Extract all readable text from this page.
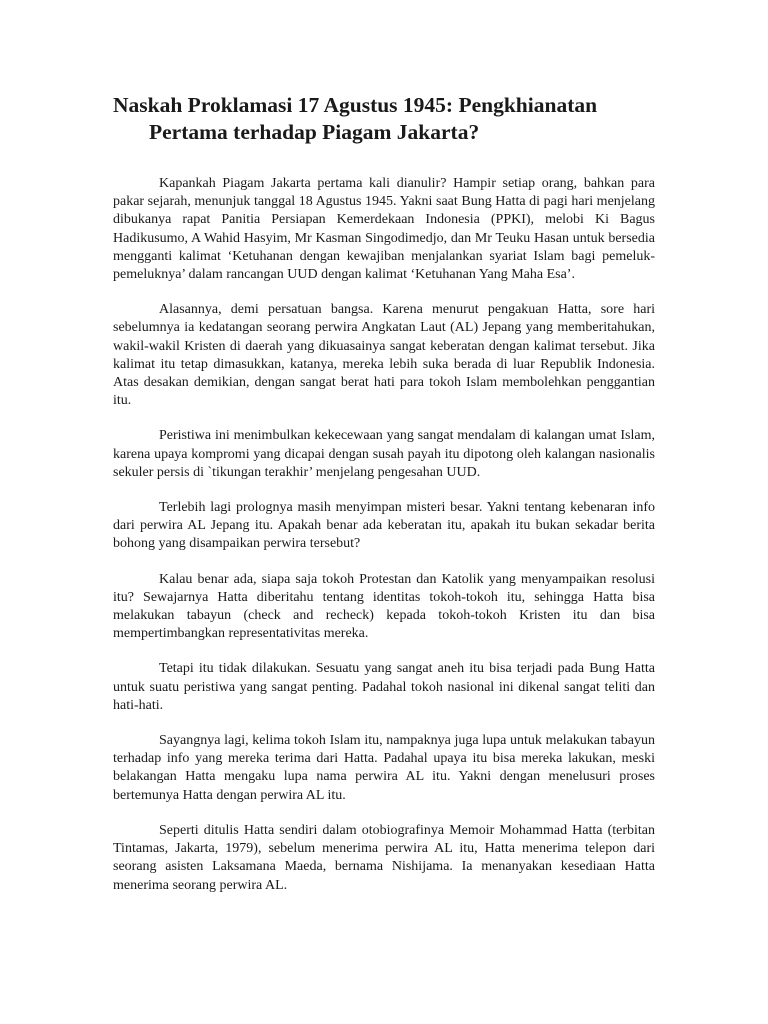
Naskah Proklamasi 17 Agustus 1945: Pengkhianatan
Pertama terhadap Piagam Jakarta?

Kapankah Piagam Jakarta pertama kali dianulir? Hampir setiap orang, bahkan para pakar sejarah, menunjuk tanggal 18 Agustus 1945. Yakni saat Bung Hatta di pagi hari menjelang dibukanya rapat Panitia Persiapan Kemerdekaan Indonesia (PPKI), melobi Ki Bagus Hadikusumo, A Wahid Hasyim, Mr Kasman Singodimedjo, dan Mr Teuku Hasan untuk bersedia mengganti kalimat ‘Ketuhanan dengan kewajiban menjalankan syariat Islam bagi pemeluk-pemeluknya’ dalam rancangan UUD dengan kalimat ‘Ketuhanan Yang Maha Esa’.

Alasannya, demi persatuan bangsa. Karena menurut pengakuan Hatta, sore hari sebelumnya ia kedatangan seorang perwira Angkatan Laut (AL) Jepang yang memberitahukan, wakil-wakil Kristen di daerah yang dikuasainya sangat keberatan dengan kalimat tersebut. Jika kalimat itu tetap dimasukkan, katanya, mereka lebih suka berada di luar Republik Indonesia. Atas desakan demikian, dengan sangat berat hati para tokoh Islam membolehkan penggantian itu.

Peristiwa ini menimbulkan kekecewaan yang sangat mendalam di kalangan umat Islam, karena upaya kompromi yang dicapai dengan susah payah itu dipotong oleh kalangan nasionalis sekuler persis di `tikungan terakhir’ menjelang pengesahan UUD.

Terlebih lagi prolognya masih menyimpan misteri besar. Yakni tentang kebenaran info dari perwira AL Jepang itu. Apakah benar ada keberatan itu, apakah itu bukan sekadar berita bohong yang disampaikan perwira tersebut?

Kalau benar ada, siapa saja tokoh Protestan dan Katolik yang menyampaikan resolusi itu? Sewajarnya Hatta diberitahu tentang identitas tokoh-tokoh itu, sehingga Hatta bisa melakukan tabayun (check and recheck) kepada tokoh-tokoh Kristen itu dan bisa mempertimbangkan representativitas mereka.

Tetapi itu tidak dilakukan. Sesuatu yang sangat aneh itu bisa terjadi pada Bung Hatta untuk suatu peristiwa yang sangat penting. Padahal tokoh nasional ini dikenal sangat teliti dan hati-hati.

Sayangnya lagi, kelima tokoh Islam itu, nampaknya juga lupa untuk melakukan tabayun terhadap info yang mereka terima dari Hatta. Padahal upaya itu bisa mereka lakukan, meski belakangan Hatta mengaku lupa nama perwira AL itu. Yakni dengan menelusuri proses bertemunya Hatta dengan perwira AL itu.

Seperti ditulis Hatta sendiri dalam otobiografinya Memoir Mohammad Hatta (terbitan Tintamas, Jakarta, 1979), sebelum menerima perwira AL itu, Hatta menerima telepon dari seorang asisten Laksamana Maeda, bernama Nishijama. Ia menanyakan kesediaan Hatta menerima seorang perwira AL.
